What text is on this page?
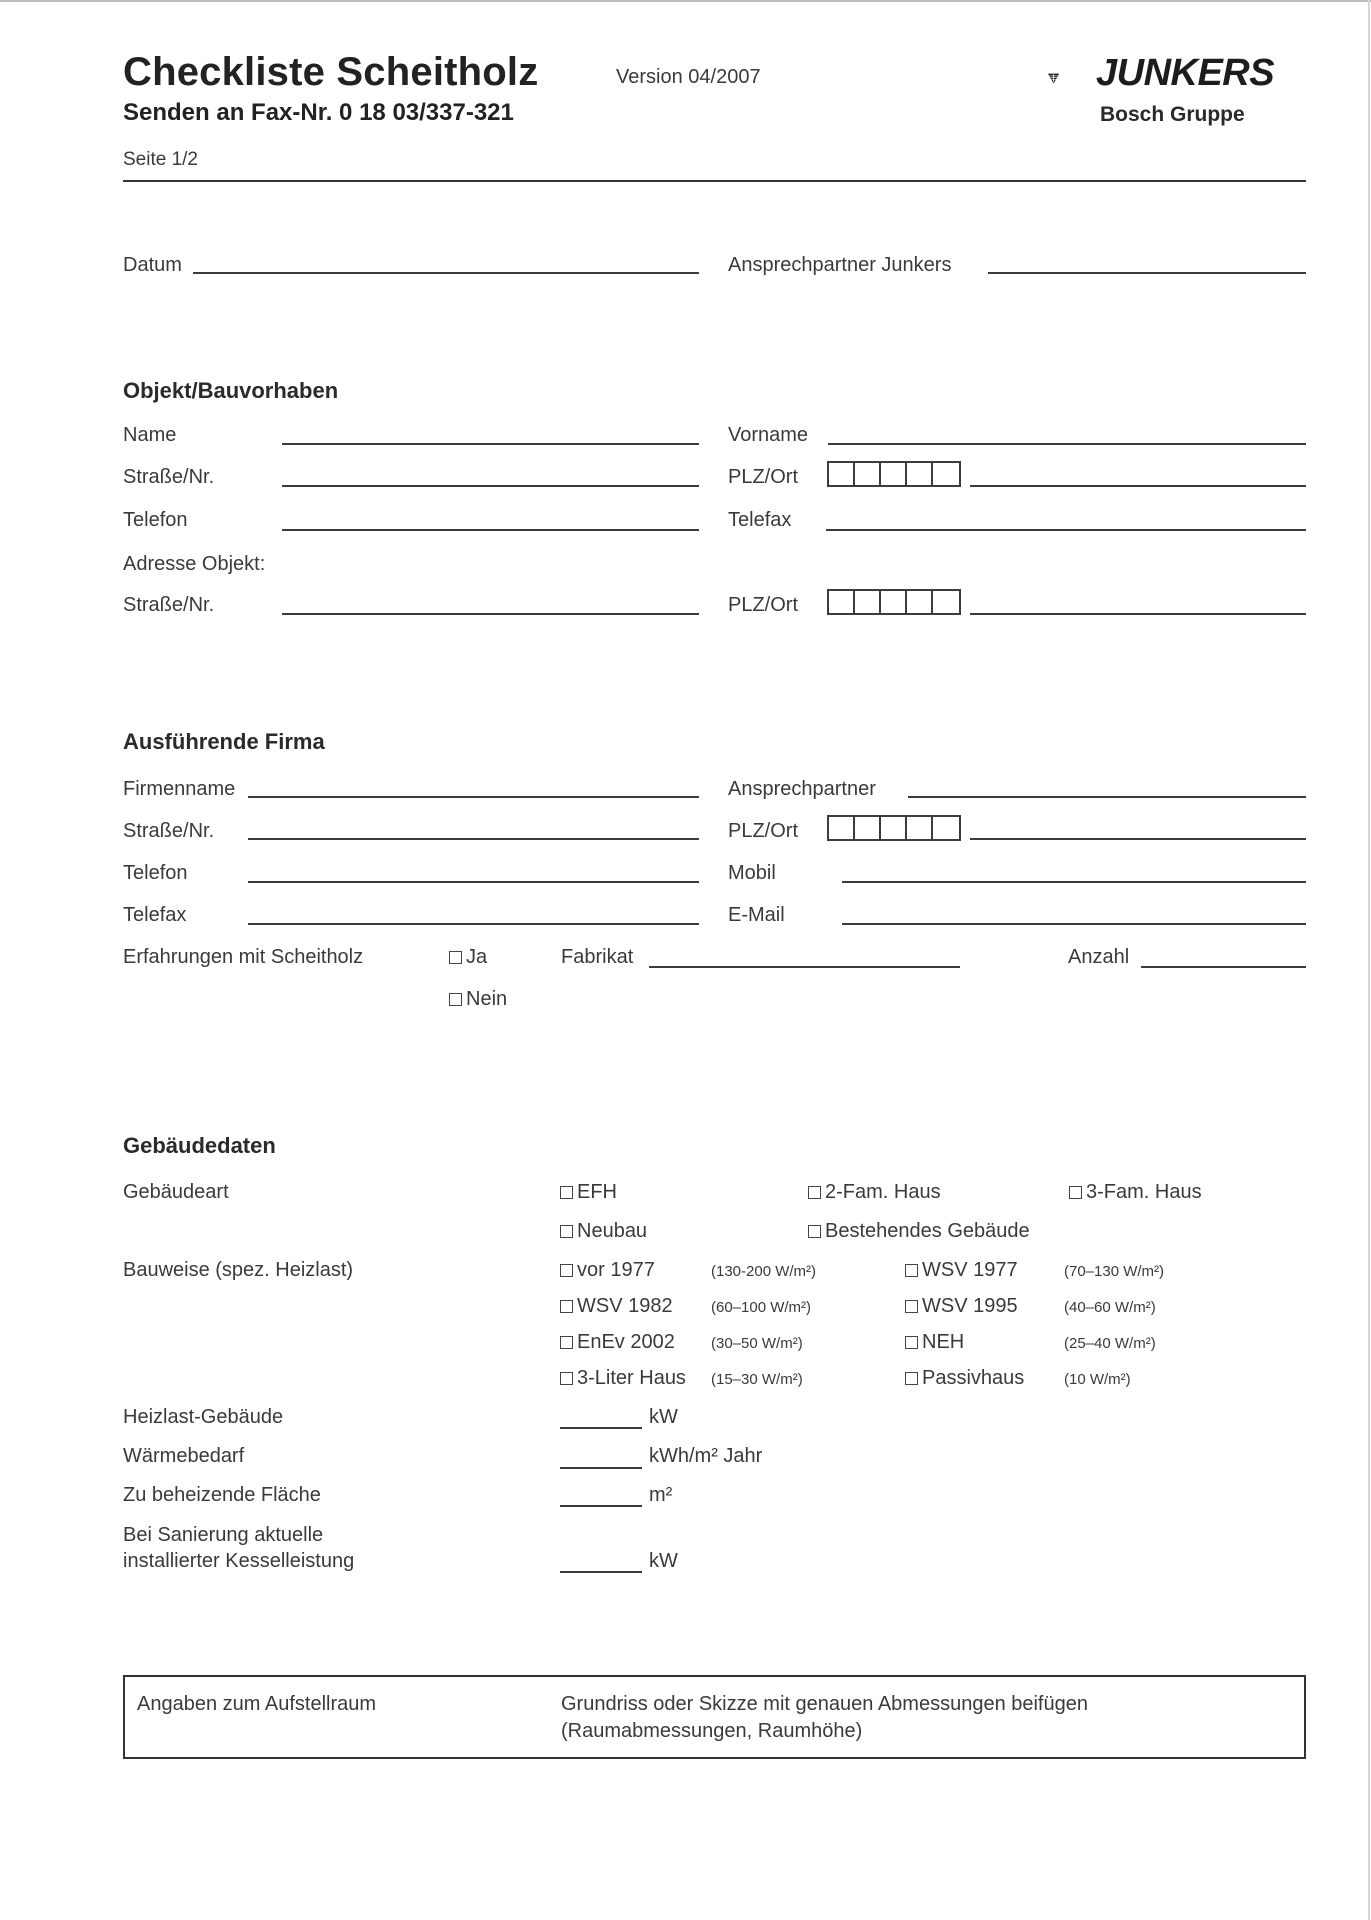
Checkliste Scheitholz	Version 04/2007
Senden an Fax-Nr. 0 18 03/337-321
Seite 1/2
JUNKERS
Bosch Gruppe
Datum	Ansprechpartner Junkers
Objekt/Bauvorhaben
Name	Vorname
Straße/Nr.	PLZ/Ort
Telefon	Telefax
Adresse Objekt:
Straße/Nr.	PLZ/Ort
Ausführende Firma
Firmenname	Ansprechpartner
Straße/Nr.	PLZ/Ort
Telefon	Mobil
Telefax	E-Mail
Erfahrungen mit Scheitholz	Ja	Fabrikat	Anzahl
Nein
Gebäudedaten
Gebäudeart	EFH	2-Fam. Haus	3-Fam. Haus
Neubau	Bestehendes Gebäude
Bauweise (spez. Heizlast)	vor 1977	(130-200 W/m²)	WSV 1977	(70–130 W/m²)
WSV 1982	(60–100 W/m²)	WSV 1995	(40–60 W/m²)
EnEv 2002 (30–50 W/m²)	NEH	(25–40 W/m²)
3-Liter Haus (15–30 W/m²)	Passivhaus	(10 W/m²)
Heizlast-Gebäude	kW
Wärmebedarf	kWh/m² Jahr
Zu beheizende Fläche	m²
Bei Sanierung aktuelle
installierter Kesselleistung	kW
Angaben zum Aufstellraum	Grundriss oder Skizze mit genauen Abmessungen beifügen
(Raumabmessungen, Raumhöhe)
